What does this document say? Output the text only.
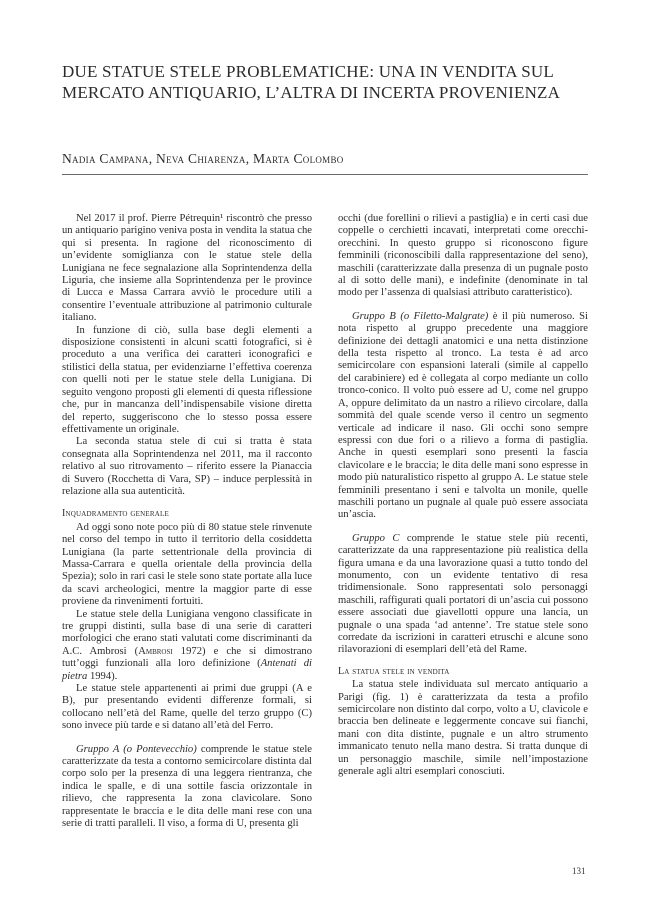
DUE STATUE STELE PROBLEMATICHE: UNA IN VENDITA SUL MERCATO ANTIQUARIO, L’ALTRA DI INCERTA PROVENIENZA
Nadia Campana, Neva Chiarenza, Marta Colombo

Nel 2017 il prof. Pierre Pétrequin¹ riscontrò che presso un antiquario parigino veniva posta in vendita la statua che qui si presenta. In ragione del riconoscimento di un’evidente somiglianza con le statue stele della Lunigiana ne fece segnalazione alla Soprintendenza della Liguria, che insieme alla Soprintendenza per le province di Lucca e Massa Carrara avviò le procedure utili a consentire l’eventuale attribuzione al patrimonio culturale italiano.

In funzione di ciò, sulla base degli elementi a disposizione consistenti in alcuni scatti fotografici, si è proceduto a una verifica dei caratteri iconografici e stilistici della statua, per evidenziarne l’effettiva coerenza con quelli noti per le statue stele della Lunigiana. Di seguito vengono proposti gli elementi di questa riflessione che, pur in mancanza dell’indispensabile visione diretta del reperto, suggeriscono che lo stesso possa essere effettivamente un originale.

La seconda statua stele di cui si tratta è stata consegnata alla Soprintendenza nel 2011, ma il racconto relativo al suo ritrovamento – riferito essere la Pianaccia di Suvero (Rocchetta di Vara, SP) – induce perplessità in relazione alla sua autenticità.

Inquadramento generale

Ad oggi sono note poco più di 80 statue stele rinvenute nel corso del tempo in tutto il territorio della cosiddetta Lunigiana (la parte settentrionale della provincia di Massa-Carrara e quella orientale della provincia della Spezia); solo in rari casi le stele sono state portate alla luce da scavi archeologici, mentre la maggior parte di esse proviene da rinvenimenti fortuiti.

Le statue stele della Lunigiana vengono classificate in tre gruppi distinti, sulla base di una serie di caratteri morfologici che erano stati valutati come discriminanti da A.C. Ambrosi (Ambrosi 1972) e che si dimostrano tutt’oggi funzionali alla loro definizione (Antenati di pietra 1994).

Le statue stele appartenenti ai primi due gruppi (A e B), pur presentando evidenti differenze formali, si collocano nell’età del Rame, quelle del terzo gruppo (C) sono invece più tarde e si datano all’età del Ferro.

Gruppo A (o Pontevecchio) comprende le statue stele caratterizzate da testa a contorno semicircolare distinta dal corpo solo per la presenza di una leggera rientranza, che indica le spalle, e di una sottile fascia orizzontale in rilievo, che rappresenta la zona clavicolare. Sono rappresentate le braccia e le dita delle mani rese con una serie di tratti paralleli. Il viso, a forma di U, presenta gli

occhi (due forellini o rilievi a pastiglia) e in certi casi due coppelle o cerchietti incavati, interpretati come orecchi-orecchini. In questo gruppo si riconoscono figure femminili (riconoscibili dalla rappresentazione del seno), maschili (caratterizzate dalla presenza di un pugnale posto al di sotto delle mani), e indefinite (denominate in tal modo per l’assenza di qualsiasi attributo caratteristico).

Gruppo B (o Filetto-Malgrate) è il più numeroso. Si nota rispetto al gruppo precedente una maggiore definizione dei dettagli anatomici e una netta distinzione della testa rispetto al tronco. La testa è ad arco semicircolare con espansioni laterali (simile al cappello del carabiniere) ed è collegata al corpo mediante un collo tronco-conico. Il volto può essere ad U, come nel gruppo A, oppure delimitato da un nastro a rilievo circolare, dalla sommità del quale scende verso il centro un segmento verticale ad indicare il naso. Gli occhi sono sempre espressi con due fori o a rilievo a forma di pastiglia. Anche in questi esemplari sono presenti la fascia clavicolare e le braccia; le dita delle mani sono espresse in modo più naturalistico rispetto al gruppo A. Le statue stele femminili presentano i seni e talvolta un monile, quelle maschili portano un pugnale al quale può essere associata un’ascia.

Gruppo C comprende le statue stele più recenti, caratterizzate da una rappresentazione più realistica della figura umana e da una lavorazione quasi a tutto tondo del monumento, con un evidente tentativo di resa tridimensionale. Sono rappresentati solo personaggi maschili, raffigurati quali portatori di un’ascia cui possono essere associati due giavellotti oppure una lancia, un pugnale o una spada ‘ad antenne’. Tre statue stele sono corredate da iscrizioni in caratteri etruschi e alcune sono rilavorazioni di esemplari dell’età del Rame.

La statua stele in vendita

La statua stele individuata sul mercato antiquario a Parigi (fig. 1) è caratterizzata da testa a profilo semicircolare non distinto dal corpo, volto a U, clavicole e braccia ben delineate e leggermente concave sui fianchi, mani con dita distinte, pugnale e un altro strumento immanicato tenuto nella mano destra. Si tratta dunque di un personaggio maschile, simile nell’impostazione generale agli altri esemplari conosciuti.

131
